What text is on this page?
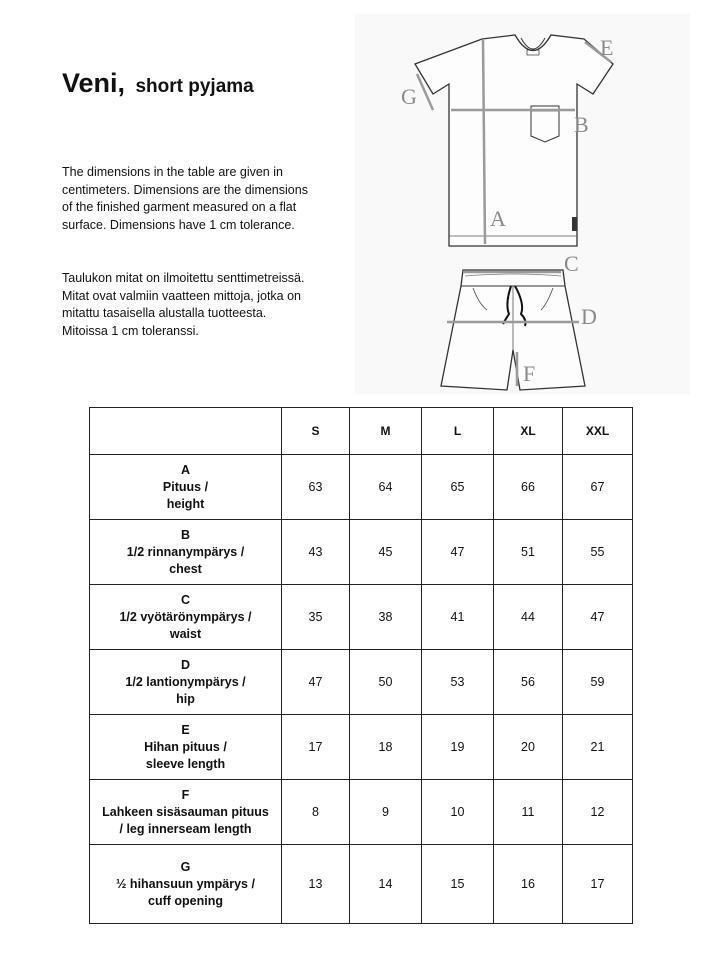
Veni, short pyjama

The dimensions in the table are given in centimeters. Dimensions are the dimensions of the finished garment measured on a flat surface. Dimensions have 1 cm tolerance.

Taulukon mitat on ilmoitettu senttimetreissä. Mitat ovat valmiin vaatteen mittoja, jotka on mitattu tasaisella alustalla tuotteesta. Mitoissa 1 cm toleranssi.

A
B
E
G
C
D
F
	S	M	L	XL	XXL

A
Pituus /
height	63	64	65	66	67

B
1/2 rinnanympärys /
chest	43	45	47	51	55

C
1/2 vyötärönympärys /
waist	35	38	41	44	47

D
1/2 lantionympärys /
hip	47	50	53	56	59

E
Hihan pituus /
sleeve length	17	18	19	20	21

F
Lahkeen sisäsauman pituus
/ leg innerseam length	8	9	10	11	12

G
½ hihansuun ympärys /
cuff opening	13	14	15	16	17
